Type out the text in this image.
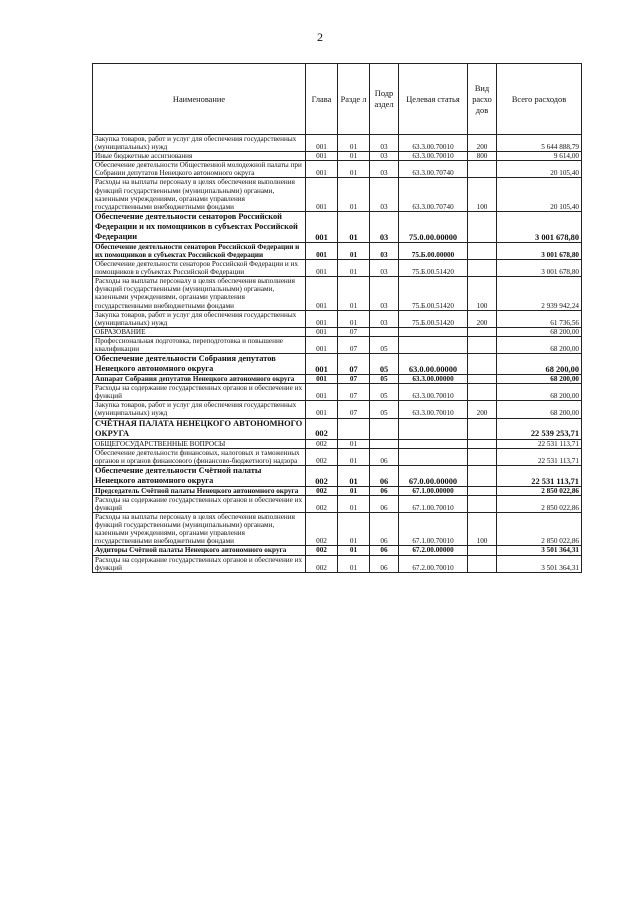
2
Наименование	Глава	Разде л	Подр аздел	Целевая статья	Вид расхо дов	Всего расходов
Закупка товаров, работ и услуг для обеспечения государственных (муниципальных) нужд	001	01	03	63.3.00.70010	200	5 644 888,79
Иные бюджетные ассигнования	001	01	03	63.3.00.70010	800	9 614,00
Обеспечение деятельности Общественной молодежной палаты при Собрании депутатов Ненецкого автономного округа	001	01	03	63.3.00.70740		20 105,40
Расходы на выплаты персоналу в целях обеспечения выполнения функций государственными (муниципальными) органами, казенными учреждениями, органами управления государственными внебюджетными фондами	001	01	03	63.3.00.70740	100	20 105,40
Обеспечение деятельности сенаторов Российской Федерации и их помощников в субъектах Российской Федерации	001	01	03	75.0.00.00000		3 001 678,80
Обеспечение деятельности сенаторов Российской Федерации и их помощников в субъектах Российской Федерации	001	01	03	75.Б.00.00000		3 001 678,80
Обеспечение деятельности сенаторов Российской Федерации и их помощников в субъектах Российской Федерации	001	01	03	75.Б.00.51420		3 001 678,80
Расходы на выплаты персоналу в целях обеспечения выполнения функций государственными (муниципальными) органами, казенными учреждениями, органами управления государственными внебюджетными фондами	001	01	03	75.Б.00.51420	100	2 939 942,24
Закупка товаров, работ и услуг для обеспечения государственных (муниципальных) нужд	001	01	03	75.Б.00.51420	200	61 736,56
ОБРАЗОВАНИЕ	001	07				68 200,00
Профессиональная подготовка, переподготовка и повышение квалификации	001	07	05			68 200,00
Обеспечение деятельности Собрания депутатов Ненецкого автономного округа	001	07	05	63.0.00.00000		68 200,00
Аппарат Собрания депутатов Ненецкого автономного округа	001	07	05	63.3.00.00000		68 200,00
Расходы на содержание государственных органов и обеспечение их функций	001	07	05	63.3.00.70010		68 200,00
Закупка товаров, работ и услуг для обеспечения государственных (муниципальных) нужд	001	07	05	63.3.00.70010	200	68 200,00
СЧЁТНАЯ ПАЛАТА НЕНЕЦКОГО АВТОНОМНОГО ОКРУГА	002					22 539 253,71
ОБЩЕГОСУДАРСТВЕННЫЕ ВОПРОСЫ	002	01				22 531 113,71
Обеспечение деятельности финансовых, налоговых и таможенных органов и органов финансового (финансово-бюджетного) надзора	002	01	06			22 531 113,71
Обеспечение деятельности Счётной палаты Ненецкого автономного округа	002	01	06	67.0.00.00000		22 531 113,71
Председатель Счётной палаты Ненецкого автономного округа	002	01	06	67.1.00.00000		2 850 022,86
Расходы на содержание государственных органов и обеспечение их функций	002	01	06	67.1.00.70010		2 850 022,86
Расходы на выплаты персоналу в целях обеспечения выполнения функций государственными (муниципальными) органами, казенными учреждениями, органами управления государственными внебюджетными фондами	002	01	06	67.1.00.70010	100	2 850 022,86
Аудиторы Счётной палаты Ненецкого автономного округа	002	01	06	67.2.00.00000		3 501 364,31
Расходы на содержание государственных органов и обеспечение их функций	002	01	06	67.2.00.70010		3 501 364,31
